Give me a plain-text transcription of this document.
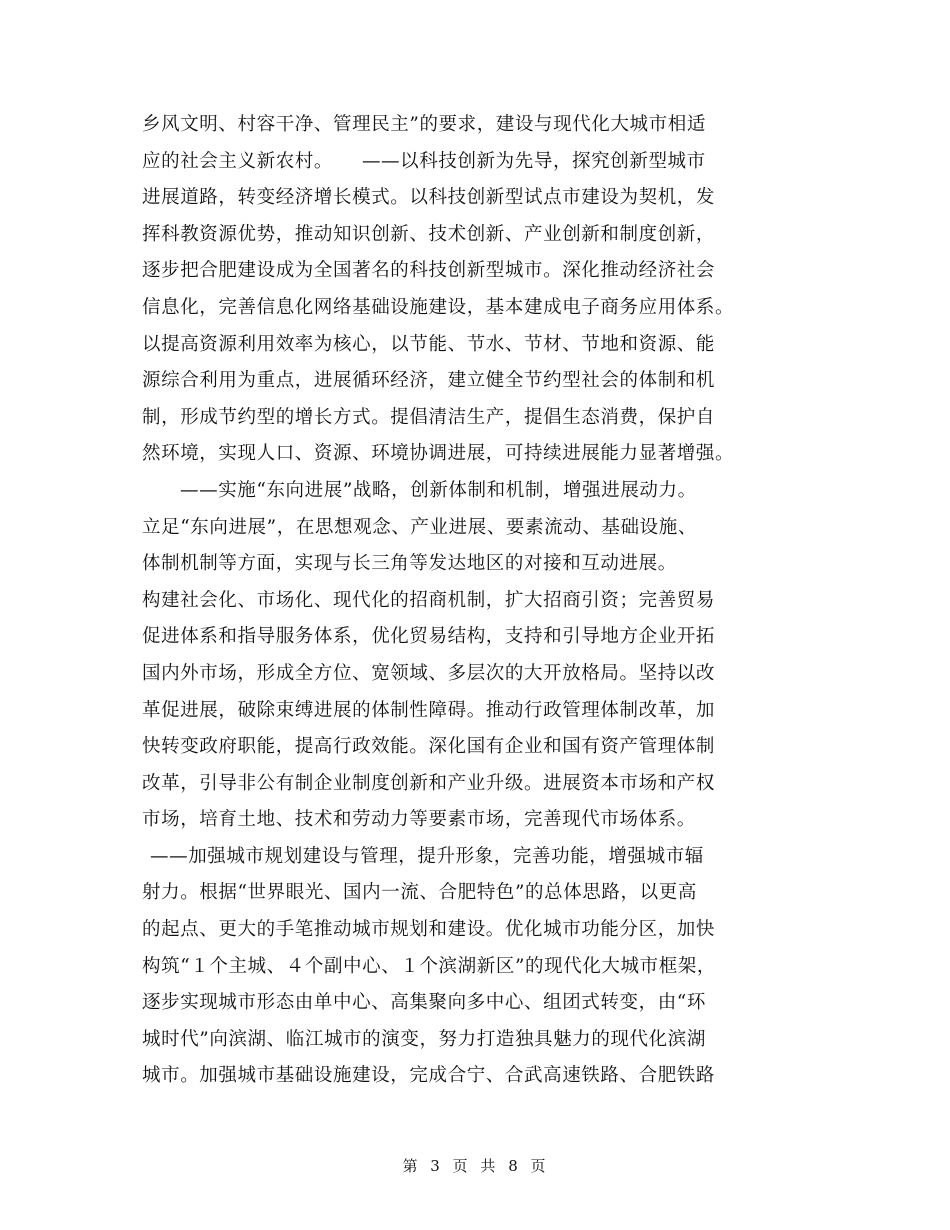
乡风文明、村容干净、管理民主”的要求，建设与现代化大城市相适
应的社会主义新农村。　　——以科技创新为先导，探究创新型城市
进展道路，转变经济增长模式。以科技创新型试点市建设为契机，发
挥科教资源优势，推动知识创新、技术创新、产业创新和制度创新，
逐步把合肥建设成为全国著名的科技创新型城市。深化推动经济社会
信息化，完善信息化网络基础设施建设，基本建成电子商务应用体系。
以提高资源利用效率为核心，以节能、节水、节材、节地和资源、能
源综合利用为重点，进展循环经济，建立健全节约型社会的体制和机
制，形成节约型的增长方式。提倡清洁生产，提倡生态消费，保护自
然环境，实现人口、资源、环境协调进展，可持续进展能力显著增强。
——实施“东向进展”战略，创新体制和机制，增强进展动力。
立足“东向进展”，在思想观念、产业进展、要素流动、基础设施、
体制机制等方面，实现与长三角等发达地区的对接和互动进展。
构建社会化、市场化、现代化的招商机制，扩大招商引资；完善贸易
促进体系和指导服务体系，优化贸易结构，支持和引导地方企业开拓
国内外市场，形成全方位、宽领域、多层次的大开放格局。坚持以改
革促进展，破除束缚进展的体制性障碍。推动行政管理体制改革，加
快转变政府职能，提高行政效能。深化国有企业和国有资产管理体制
改革，引导非公有制企业制度创新和产业升级。进展资本市场和产权
市场，培育土地、技术和劳动力等要素市场，完善现代市场体系。
——加强城市规划建设与管理，提升形象，完善功能，增强城市辐
射力。根据“世界眼光、国内一流、合肥特色”的总体思路，以更高
的起点、更大的手笔推动城市规划和建设。优化城市功能分区，加快
构筑“１个主城、４个副中心、１个滨湖新区”的现代化大城市框架，
逐步实现城市形态由单中心、高集聚向多中心、组团式转变，由“环
城时代”向滨湖、临江城市的演变，努力打造独具魅力的现代化滨湖
城市。加强城市基础设施建设，完成合宁、合武高速铁路、合肥铁路
第 3 页 共 8 页
